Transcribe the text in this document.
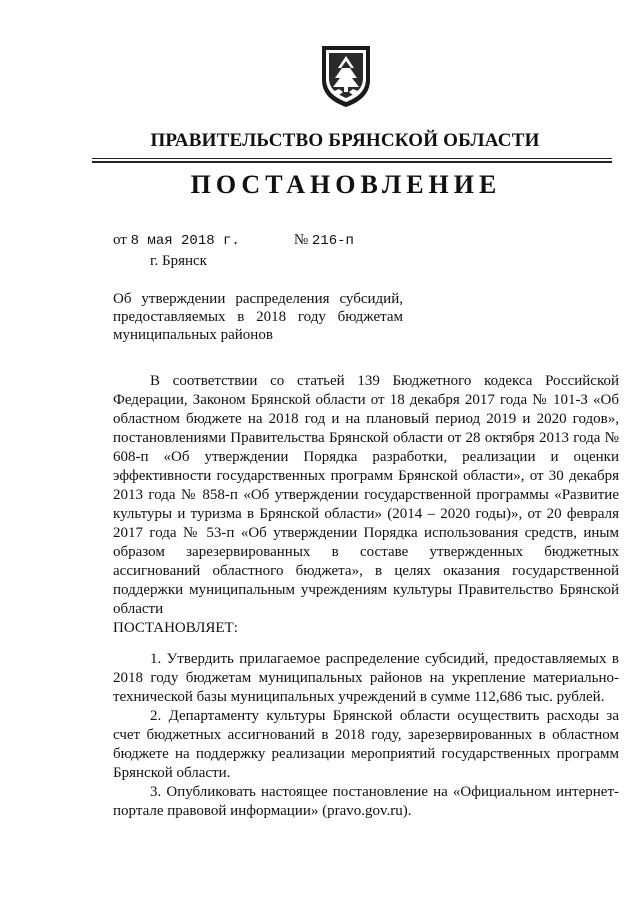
ПРАВИТЕЛЬСТВО БРЯНСКОЙ ОБЛАСТИ
ПОСТАНОВЛЕНИЕ
от 8 мая 2018 г.	№ 216-п
г. Брянск
Об утверждении распределения субсидий,
предоставляемых в 2018 году бюджетам
муниципальных районов

В соответствии со статьей 139 Бюджетного кодекса Российской Федерации, Законом Брянской области от 18 декабря 2017 года № 101-З «Об областном бюджете на 2018 год и на плановый период 2019 и 2020 годов», постановлениями Правительства Брянской области от 28 октября 2013 года № 608-п «Об утверждении Порядка разработки, реализации и оценки эффективности государственных программ Брянской области», от 30 декабря 2013 года № 858-п «Об утверждении государственной программы «Развитие культуры и туризма в Брянской области» (2014 – 2020 годы)», от 20 февраля 2017 года № 53-п «Об утверждении Порядка использования средств, иным образом зарезервированных в составе утвержденных бюджетных ассигнований областного бюджета», в целях оказания государственной поддержки муниципальным учреждениям культуры Правительство Брянской области

ПОСТАНОВЛЯЕТ:

1. Утвердить прилагаемое распределение субсидий, предоставляемых в 2018 году бюджетам муниципальных районов на укрепление материально-технической базы муниципальных учреждений в сумме 112,686 тыс. рублей.

2. Департаменту культуры Брянской области осуществить расходы за счет бюджетных ассигнований в 2018 году, зарезервированных в областном бюджете на поддержку реализации мероприятий государственных программ Брянской области.

3. Опубликовать настоящее постановление на «Официальном интернет-портале правовой информации» (pravo.gov.ru).
